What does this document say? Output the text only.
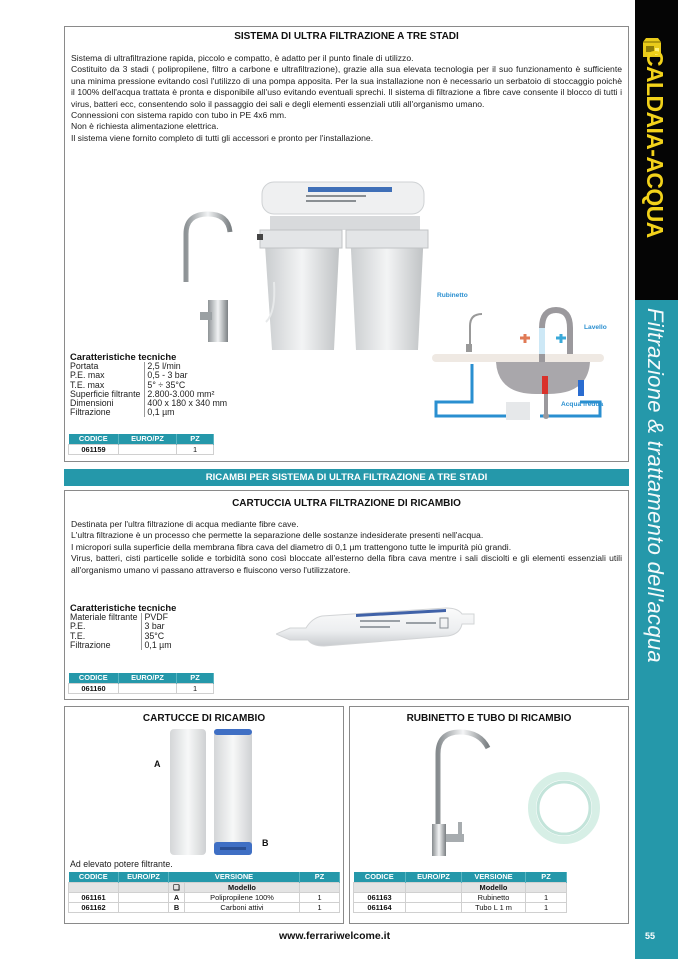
CALDAIA-ACQUA
Filtrazione & trattamento dell'acqua
55
SISTEMA DI ULTRA FILTRAZIONE A TRE STADI

Sistema di ultrafiltrazione rapida, piccolo e compatto, è adatto per il punto finale di utilizzo.

Costituito da 3 stadi ( polipropilene, filtro a carbone e ultrafiltrazione), grazie alla sua elevata tecnologia per il suo funzionamento è sufficiente una minima pressione evitando così l'utilizzo di una pompa apposita. Per la sua installazione non è necessario un serbatoio di stoccaggio poichè il 100% dell'acqua trattata è pronta e disponibile all'uso evitando eventuali sprechi. Il sistema di filtrazione a fibre cave consente il blocco di tutti i virus, batteri ecc, consentendo solo il passaggio dei sali e degli elementi essenziali utili all'organismo umano.

Connessioni con sistema rapido con tubo in PE 4x6 mm.

Non è richiesta alimentazione elettrica.

Il sistema viene fornito completo di tutti gli accessori e pronto per l'installazione.

Rubinetto
Lavello
Acqua fredda
Caratteristiche tecniche
Portata	2,5 l/min
P.E. max	0,5 - 3 bar
T.E. max	5° ÷ 35°C
Superficie filtrante	2.800-3.000 mm²
Dimensioni	400 x 180 x 340 mm
Filtrazione	0,1 µm
CODICE	EURO/PZ	PZ
061159		1
RICAMBI PER SISTEMA DI ULTRA FILTRAZIONE A TRE STADI
CARTUCCIA ULTRA FILTRAZIONE DI RICAMBIO

Destinata per l'ultra filtrazione di acqua mediante fibre cave.

L'ultra filtrazione è un processo che permette la separazione delle sostanze indesiderate presenti nell'acqua.

I micropori sulla superficie della membrana fibra cava del diametro di 0,1 µm trattengono tutte le impurità più grandi.

Virus, batteri, cisti particelle solide e torbidità sono così bloccate all'esterno della fibra cava mentre i sali disciolti e gli elementi essenziali utili all'organismo umano vi passano attraverso e fluiscono verso l'utilizzatore.

Caratteristiche tecniche
Materiale filtrante	PVDF
P.E.	3 bar
T.E.	35°C
Filtrazione	0,1 µm
CODICE	EURO/PZ	PZ
061160		1
CARTUCCE DI RICAMBIO
A
B
Ad elevato potere filtrante.
CODICE	EURO/PZ	VERSIONE		PZ
		❑	Modello	
061161		A	Polipropilene 100%	1
061162		B	Carboni attivi	1
RUBINETTO E TUBO DI RICAMBIO
CODICE	EURO/PZ	VERSIONE	PZ
		Modello	
061163		Rubinetto	1
061164		Tubo L 1 m	1
www.ferrariwelcome.it
